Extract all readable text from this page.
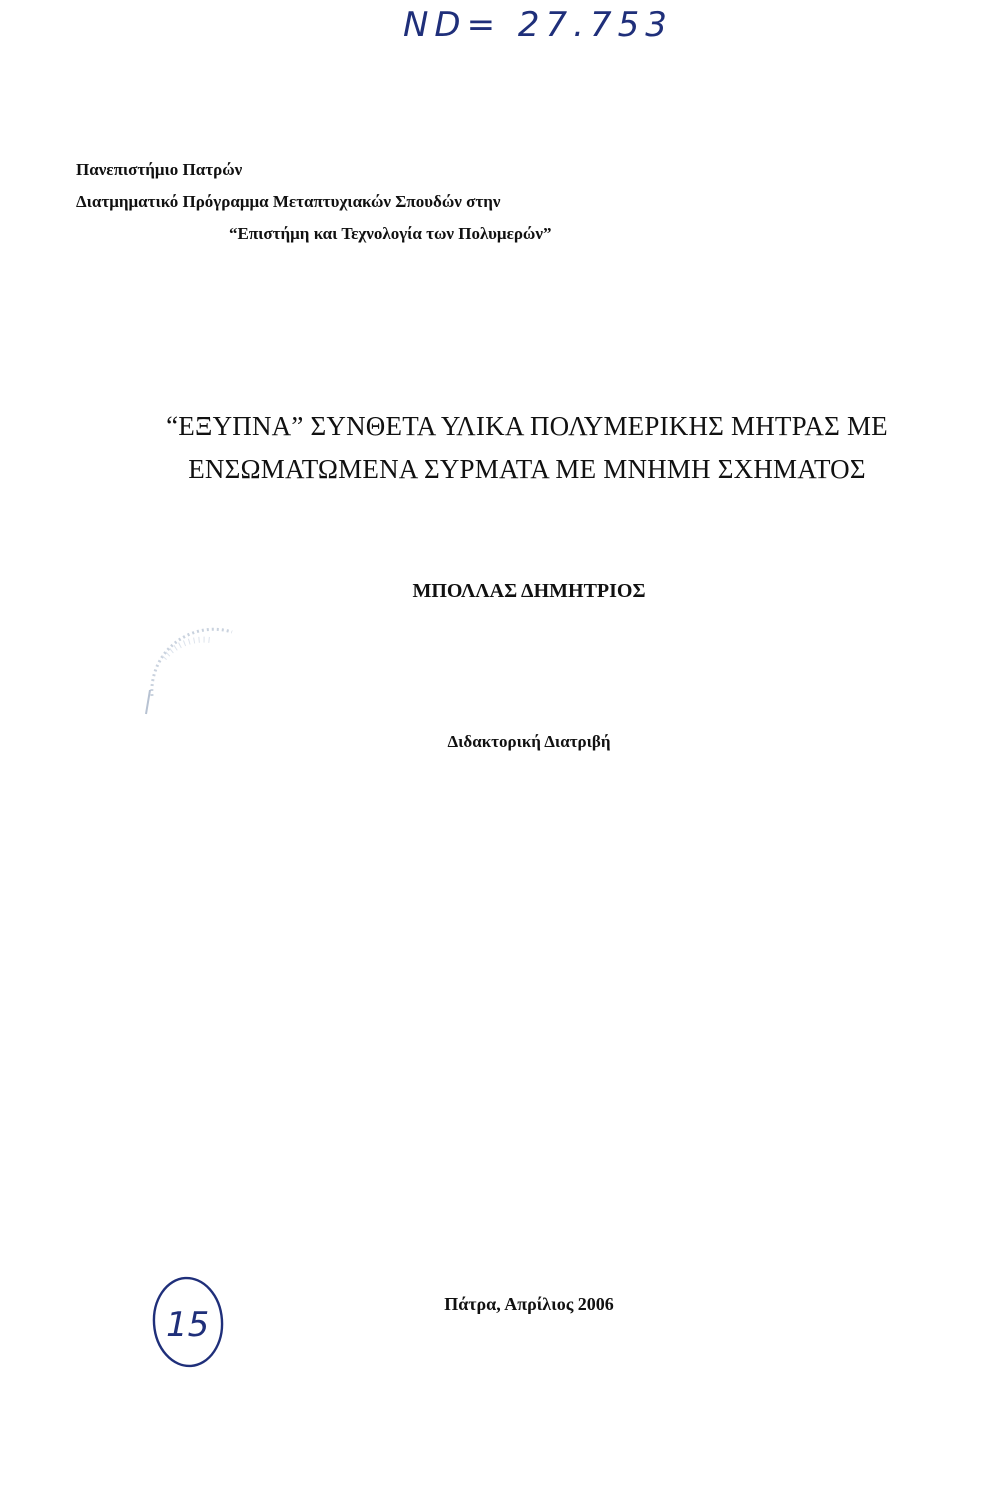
ND= 27.753
Πανεπιστήμιο Πατρών
Διατμηματικό Πρόγραμμα Μεταπτυχιακών Σπουδών στην
“Επιστήμη και Τεχνολογία των Πολυμερών”
“ΕΞΥΠΝΑ” ΣΥΝΘΕΤΑ ΥΛΙΚΑ ΠΟΛΥΜΕΡΙΚΗΣ ΜΗΤΡΑΣ ΜΕ
ΕΝΣΩΜΑΤΩΜΕΝΑ ΣΥΡΜΑΤΑ ΜΕ ΜΝΗΜΗ ΣΧΗΜΑΤΟΣ
ΜΠΟΛΛΑΣ ΔΗΜΗΤΡΙΟΣ
Διδακτορική Διατριβή
15
Πάτρα, Απρίλιος 2006
